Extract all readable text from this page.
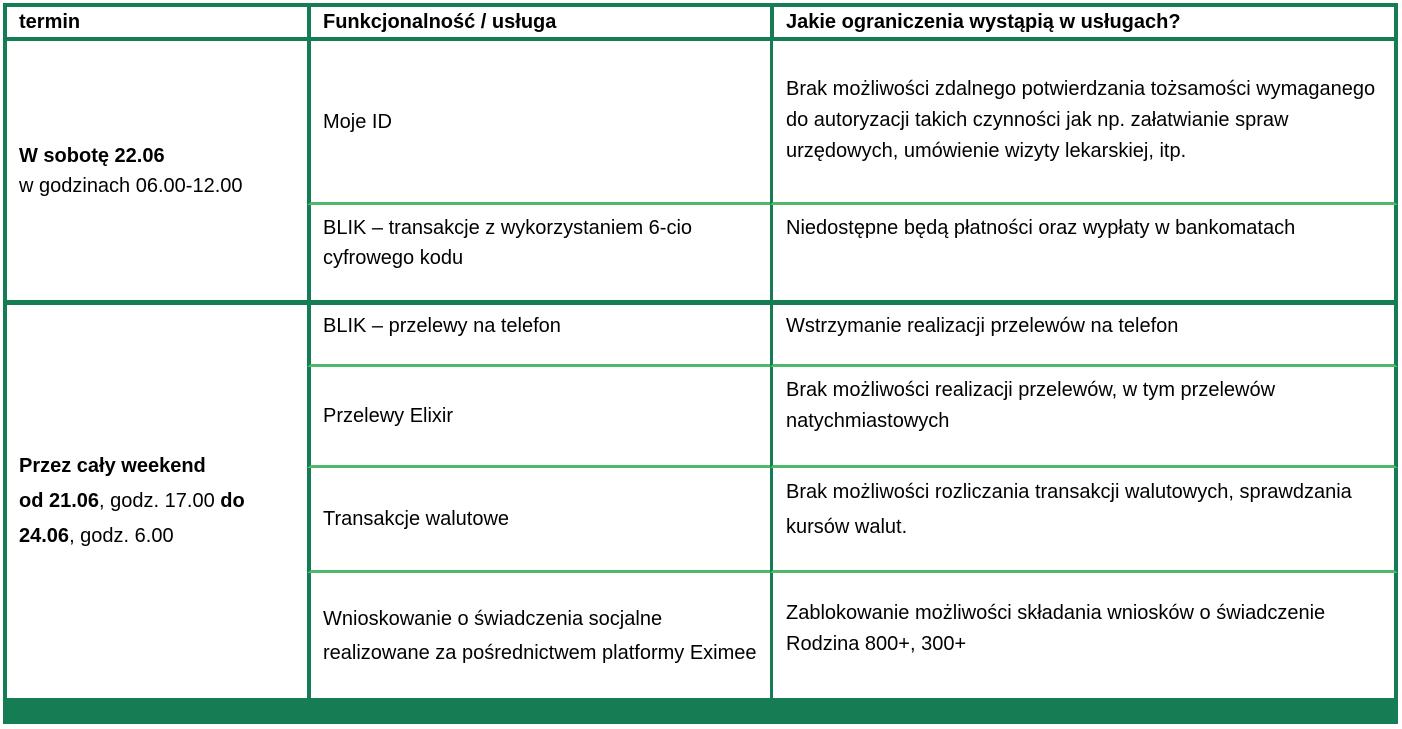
termin	Funkcjonalność / usługa	Jakie ograniczenia wystąpią w usługach?

W sobotę 22.06
w godzinach 06.00-12.00	Moje ID	Brak możliwości zdalnego potwierdzania tożsamości wymaganego do autoryzacji takich czynności jak np. załatwianie spraw urzędowych, umówienie wizyty lekarskiej, itp.

	BLIK – transakcje z wykorzystaniem 6-cio cyfrowego kodu	Niedostępne będą płatności oraz wypłaty w bankomatach

Przez cały weekend
od 21.06, godz. 17.00 do
24.06, godz. 6.00	BLIK – przelewy na telefon	Wstrzymanie realizacji przelewów na telefon

	Przelewy Elixir	Brak możliwości realizacji przelewów, w tym przelewów natychmiastowych

	Transakcje walutowe	Brak możliwości rozliczania transakcji walutowych, sprawdzania kursów walut.

	Wnioskowanie o świadczenia socjalne realizowane za pośrednictwem platformy Eximee	Zablokowanie możliwości składania wniosków o świadczenie Rodzina 800+, 300+
